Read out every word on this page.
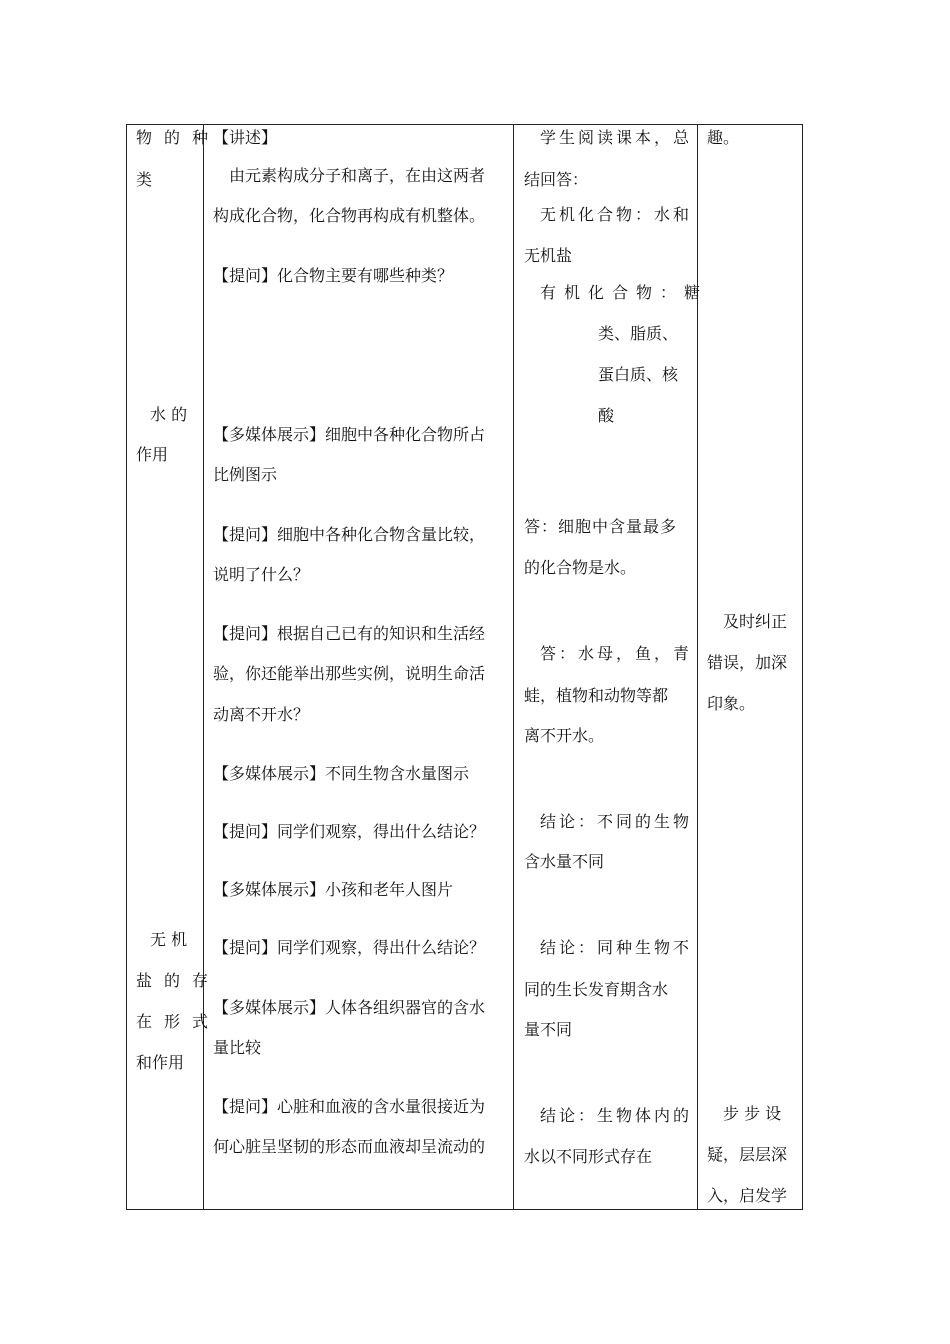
物的种
类
水 的
作用
无 机
盐的存
在形式
和作用
【讲述】
由元素构成分子和离子，在由这两者
构成化合物，化合物再构成有机整体。
【提问】化合物主要有哪些种类？
【多媒体展示】细胞中各种化合物所占
比例图示
【提问】细胞中各种化合物含量比较，
说明了什么？
【提问】根据自己已有的知识和生活经
验，你还能举出那些实例，说明生命活
动离不开水？
【多媒体展示】不同生物含水量图示
【提问】同学们观察，得出什么结论？
【多媒体展示】小孩和老年人图片
【提问】同学们观察，得出什么结论？
【多媒体展示】人体各组织器官的含水
量比较
【提问】心脏和血液的含水量很接近为
何心脏呈坚韧的形态而血液却呈流动的
学生阅读课本，总
结回答：
无机化合物：水和
无机盐
有机化合物：糖
类、脂质、
蛋白质、核
酸
答：细胞中含量最多
的化合物是水。
答：水母，鱼，青
蛙，植物和动物等都
离不开水。
结论：不同的生物
含水量不同
结论：同种生物不
同的生长发育期含水
量不同
结论：生物体内的
水以不同形式存在
趣。
及时纠正
错误，加深
印象。
步 步 设
疑，层层深
入，启发学
